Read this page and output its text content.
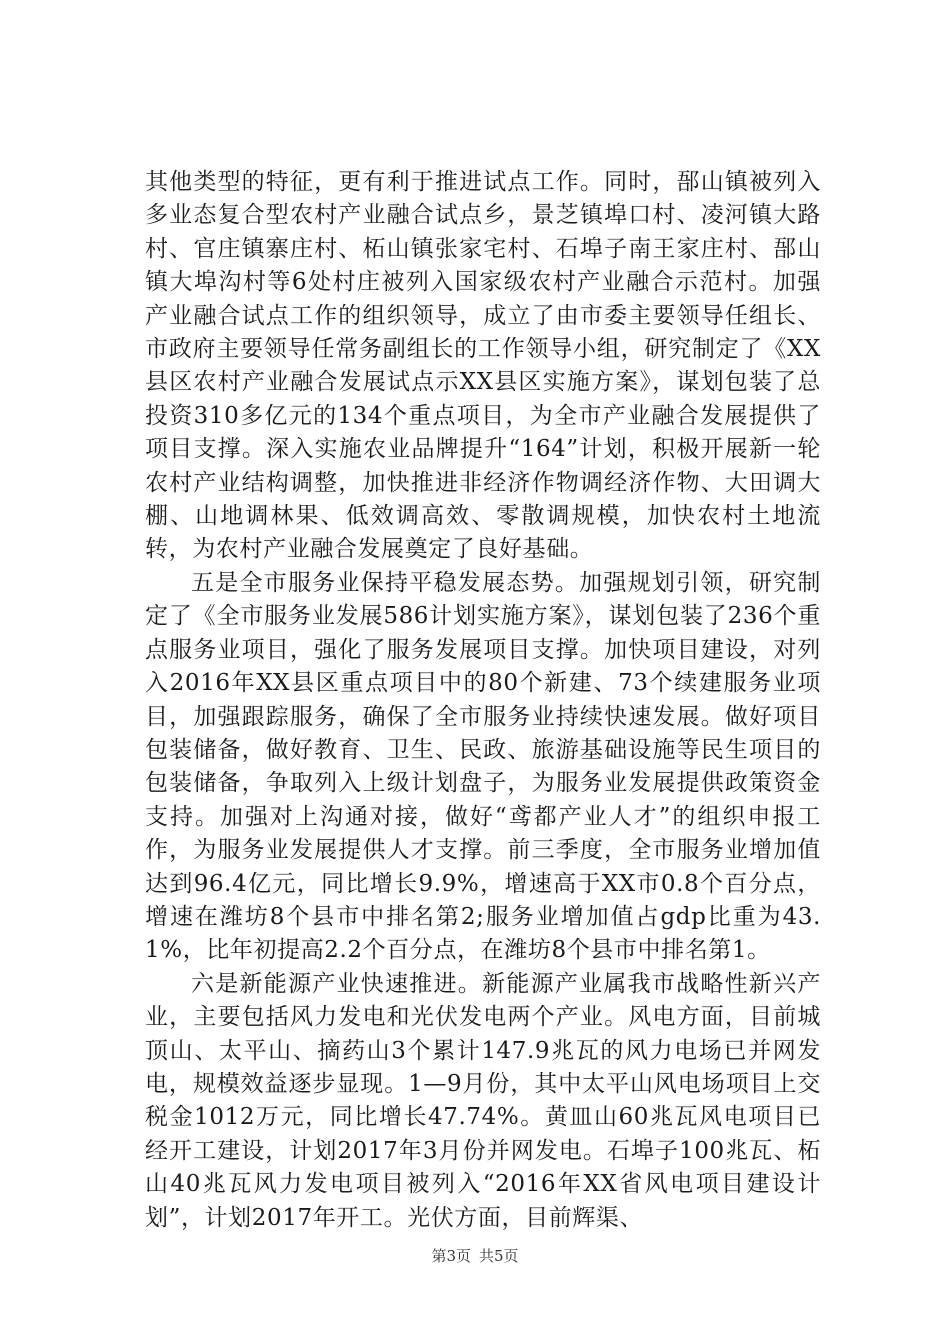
其他类型的特征，更有利于推进试点工作。同时，郚山镇被列入多业态复合型农村产业融合试点乡，景芝镇埠口村、凌河镇大路村、官庄镇寨庄村、柘山镇张家宅村、石埠子南王家庄村、郚山镇大埠沟村等6处村庄被列入国家级农村产业融合示范村。加强产业融合试点工作的组织领导，成立了由市委主要领导任组长、市政府主要领导任常务副组长的工作领导小组，研究制定了《XX县区农村产业融合发展试点示XX县区实施方案》，谋划包装了总投资310多亿元的134个重点项目，为全市产业融合发展提供了项目支撑。深入实施农业品牌提升“164”计划，积极开展新一轮农村产业结构调整，加快推进非经济作物调经济作物、大田调大棚、山地调林果、低效调高效、零散调规模，加快农村土地流转，为农村产业融合发展奠定了良好基础。

五是全市服务业保持平稳发展态势。加强规划引领，研究制定了《全市服务业发展586计划实施方案》，谋划包装了236个重点服务业项目，强化了服务发展项目支撑。加快项目建设，对列入2016年XX县区重点项目中的80个新建、73个续建服务业项目，加强跟踪服务，确保了全市服务业持续快速发展。做好项目包装储备，做好教育、卫生、民政、旅游基础设施等民生项目的包装储备，争取列入上级计划盘子，为服务业发展提供政策资金支持。加强对上沟通对接，做好“鸢都产业人才”的组织申报工作，为服务业发展提供人才支撑。前三季度，全市服务业增加值达到96.4亿元，同比增长9.9%，增速高于XX市0.8个百分点，增速在潍坊8个县市中排名第2;服务业增加值占gdp比重为43.1%，比年初提高2.2个百分点，在潍坊8个县市中排名第1。

六是新能源产业快速推进。新能源产业属我市战略性新兴产业，主要包括风力发电和光伏发电两个产业。风电方面，目前城顶山、太平山、摘药山3个累计147.9兆瓦的风力电场已并网发电，规模效益逐步显现。1—9月份，其中太平山风电场项目上交税金1012万元，同比增长47.74%。黄皿山60兆瓦风电项目已经开工建设，计划2017年3月份并网发电。石埠子100兆瓦、柘山40兆瓦风力发电项目被列入“2016年XX省风电项目建设计划”，计划2017年开工。光伏方面，目前辉渠、

第3页 共5页
